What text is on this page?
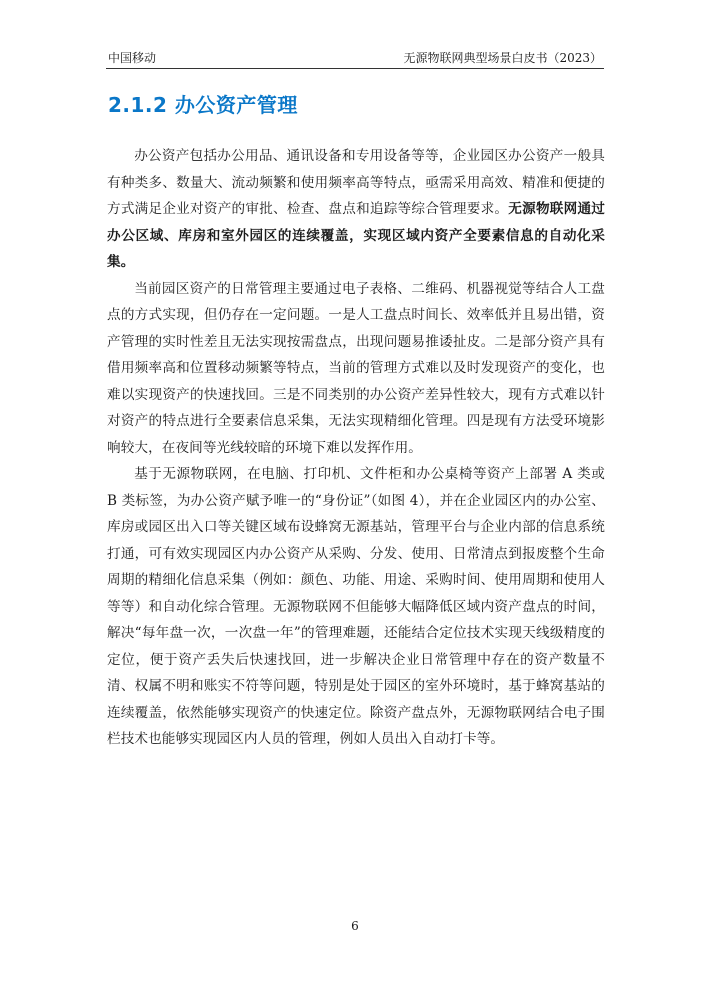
中国移动	无源物联网典型场景白皮书（2023）
2.1.2 办公资产管理

办公资产包括办公用品、通讯设备和专用设备等等，企业园区办公资产一般具有种类多、数量大、流动频繁和使用频率高等特点，亟需采用高效、精准和便捷的方式满足企业对资产的审批、检查、盘点和追踪等综合管理要求。无源物联网通过办公区域、库房和室外园区的连续覆盖，实现区域内资产全要素信息的自动化采集。

当前园区资产的日常管理主要通过电子表格、二维码、机器视觉等结合人工盘点的方式实现，但仍存在一定问题。一是人工盘点时间长、效率低并且易出错，资产管理的实时性差且无法实现按需盘点，出现问题易推诿扯皮。二是部分资产具有借用频率高和位置移动频繁等特点，当前的管理方式难以及时发现资产的变化，也难以实现资产的快速找回。三是不同类别的办公资产差异性较大，现有方式难以针对资产的特点进行全要素信息采集，无法实现精细化管理。四是现有方法受环境影响较大，在夜间等光线较暗的环境下难以发挥作用。

基于无源物联网，在电脑、打印机、文件柜和办公桌椅等资产上部署 A 类或 B 类标签，为办公资产赋予唯一的“身份证”（如图 4），并在企业园区内的办公室、库房或园区出入口等关键区域布设蜂窝无源基站，管理平台与企业内部的信息系统打通，可有效实现园区内办公资产从采购、分发、使用、日常清点到报废整个生命周期的精细化信息采集（例如：颜色、功能、用途、采购时间、使用周期和使用人等等）和自动化综合管理。无源物联网不但能够大幅降低区域内资产盘点的时间，解决“每年盘一次，一次盘一年”的管理难题，还能结合定位技术实现天线级精度的定位，便于资产丢失后快速找回，进一步解决企业日常管理中存在的资产数量不清、权属不明和账实不符等问题，特别是处于园区的室外环境时，基于蜂窝基站的连续覆盖，依然能够实现资产的快速定位。除资产盘点外，无源物联网结合电子围栏技术也能够实现园区内人员的管理，例如人员出入自动打卡等。

6
